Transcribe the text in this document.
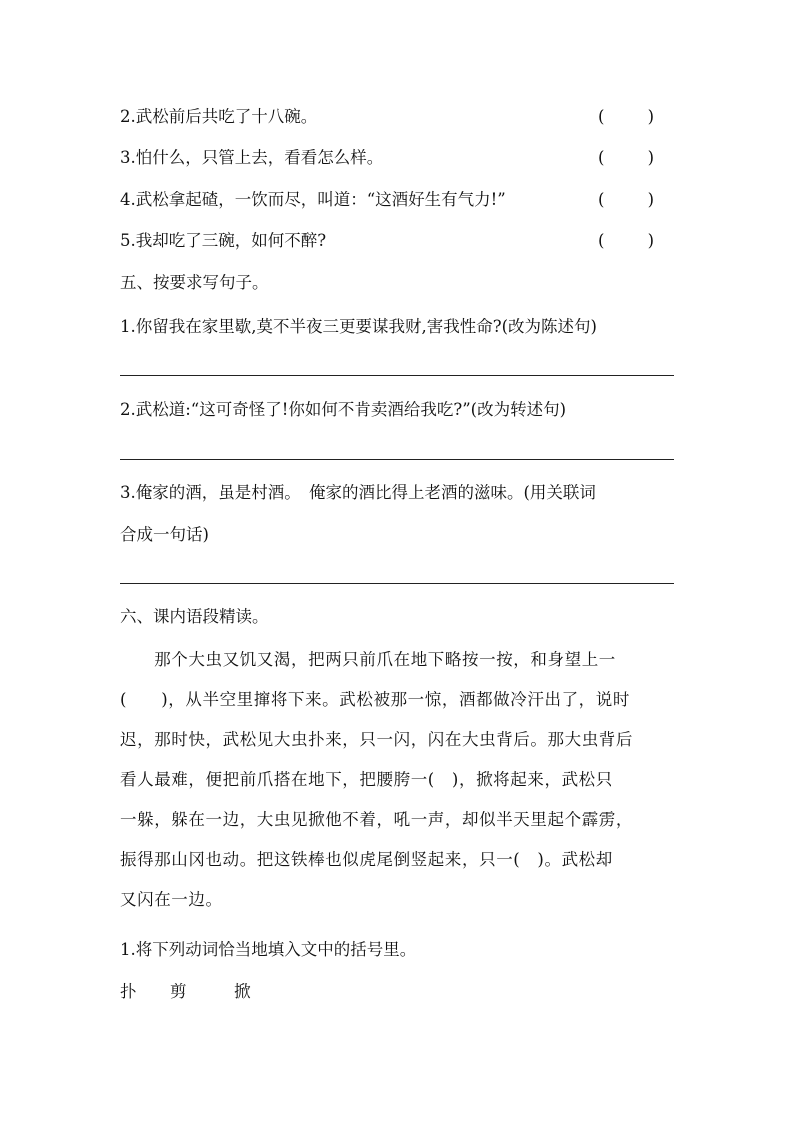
2.武松前后共吃了十八碗。	(	)
3.怕什么，只管上去，看看怎么样。	(	)
4.武松拿起碴，一饮而尽，叫道：“这酒好生有气力!”	(	)
5.我却吃了三碗，如何不醉?	(	)
五、按要求写句子。
1.你留我在家里歇,莫不半夜三更要谋我财,害我性命?(改为陈述句)
2.武松道:“这可奇怪了!你如何不肯卖酒给我吃?”(改为转述句)
3.俺家的酒，虽是村酒。　俺家的酒比得上老酒的滋味。(用关联词
合成一句话)
六、课内语段精读。
　　那个大虫又饥又渴，把两只前爪在地下略按一按，和身望上一
(　　)，从半空里撺将下来。武松被那一惊，酒都做冷汗出了，说时
迟，那时快，武松见大虫扑来，只一闪，闪在大虫背后。那大虫背后
看人最难，便把前爪搭在地下，把腰胯一(　)，掀将起来，武松只
一躲，躲在一边，大虫见掀他不着，吼一声，却似半天里起个霹雳，
振得那山冈也动。把这铁棒也似虎尾倒竖起来，只一(　)。武松却
又闪在一边。
1.将下列动词恰当地填入文中的括号里。
扑 剪	掀
